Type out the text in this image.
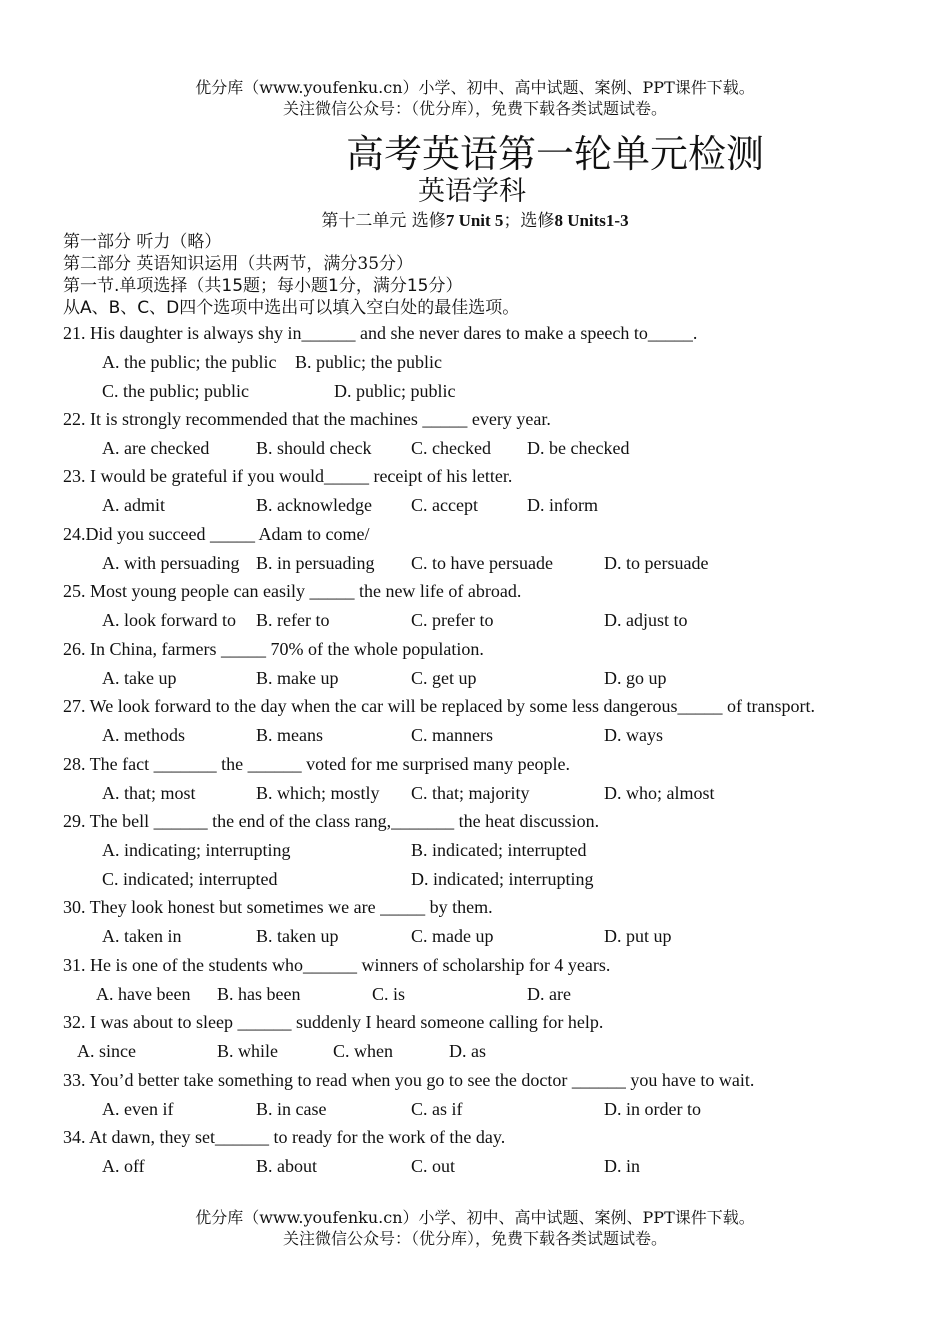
优分库（www.youfenku.cn）小学、初中、高中试题、案例、PPT课件下载。
关注微信公众号：（优分库），免费下载各类试题试卷。
高考英语第一轮单元检测
英语学科
第十二单元 选修7 Unit 5；选修8 Units1-3
第一部分 听力（略）
第二部分 英语知识运用（共两节，满分35分）
第一节.单项选择（共15题；每小题1分，满分15分）
从A、B、C、D四个选项中选出可以填入空白处的最佳选项。
21. His daughter is always shy in______ and she never dares to make a speech to_____.
A. the public; the public B. public; the public
C. the public; public	D. public; public
22. It is strongly recommended that the machines _____ every year.
A. are checked	B. should check C. checked D. be checked
23. I would be grateful if you would_____ receipt of his letter.
A. admit	B. acknowledge C. accept	D. inform
24.Did you succeed _____ Adam to come/
A. with persuading B. in persuading C. to have persuade	D. to persuade
25. Most young people can easily _____ the new life of abroad.
A. look forward to B. refer to	C. prefer to	D. adjust to
26. In China, farmers _____ 70% of the whole population.
A. take up	B. make up	C. get up	D. go up
27. We look forward to the day when the car will be replaced by some less dangerous_____ of transport.
A. methods	B. means	C. manners	D. ways
28. The fact _______ the ______ voted for me surprised many people.
A. that; most	B. which; mostly C. that; majority	D. who; almost
29. The bell ______ the end of the class rang,_______ the heat discussion.
A. indicating; interrupting	B. indicated; interrupted
C. indicated; interrupted	D. indicated; interrupting
30. They look honest but sometimes we are _____ by them.
A. taken in	B. taken up	C. made up	D. put up
31. He is one of the students who______ winners of scholarship for 4 years.
A. have been B. has been	C. is	D. are
32. I was about to sleep ______ suddenly I heard someone calling for help.
A. since	B. while	C. when	D. as
33. You’d better take something to read when you go to see the doctor ______ you have to wait.
A. even if	B. in case	C. as if	D. in order to
34. At dawn, they set______ to ready for the work of the day.
A. off	B. about	C. out	D. in
优分库（www.youfenku.cn）小学、初中、高中试题、案例、PPT课件下载。
关注微信公众号：（优分库），免费下载各类试题试卷。
